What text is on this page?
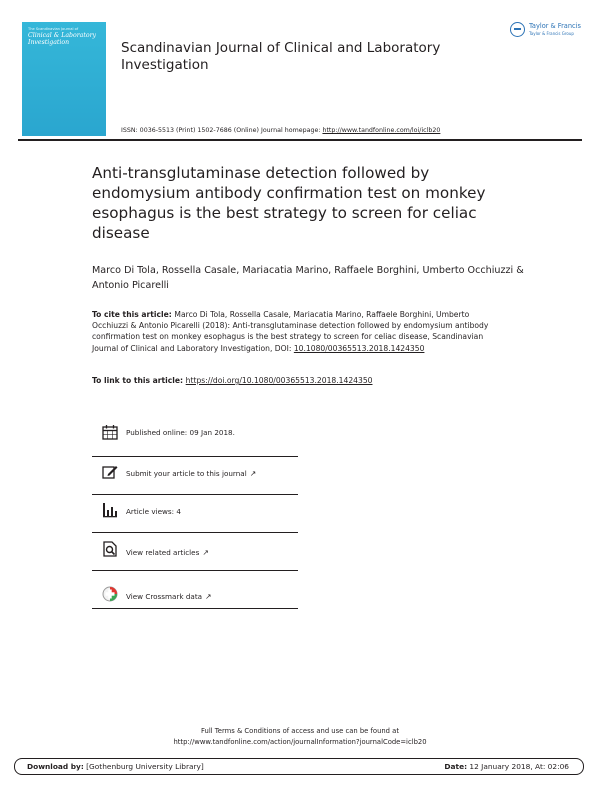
The Scandinavian Journal of
Clinical & Laboratory Investigation	Scandinavian Journal of Clinical and Laboratory Investigation
Taylor & Francis
Taylor & Francis Group
ISSN: 0036-5513 (Print) 1502-7686 (Online) Journal homepage: http://www.tandfonline.com/loi/iclb20
Anti-transglutaminase detection followed by endomysium antibody confirmation test on monkey esophagus is the best strategy to screen for celiac disease
Marco Di Tola, Rossella Casale, Mariacatia Marino, Raffaele Borghini, Umberto Occhiuzzi & Antonio Picarelli
To cite this article: Marco Di Tola, Rossella Casale, Mariacatia Marino, Raffaele Borghini, Umberto Occhiuzzi & Antonio Picarelli (2018): Anti-transglutaminase detection followed by endomysium antibody confirmation test on monkey esophagus is the best strategy to screen for celiac disease, Scandinavian Journal of Clinical and Laboratory Investigation, DOI: 10.1080/00365513.2018.1424350
To link to this article: https://doi.org/10.1080/00365513.2018.1424350
Published online: 09 Jan 2018.
Submit your article to this journal ↗
Article views: 4
View related articles ↗
View Crossmark data ↗
Full Terms & Conditions of access and use can be found at
http://www.tandfonline.com/action/journalInformation?journalCode=iclb20
Download by: [Gothenburg University Library]	Date: 12 January 2018, At: 02:06
